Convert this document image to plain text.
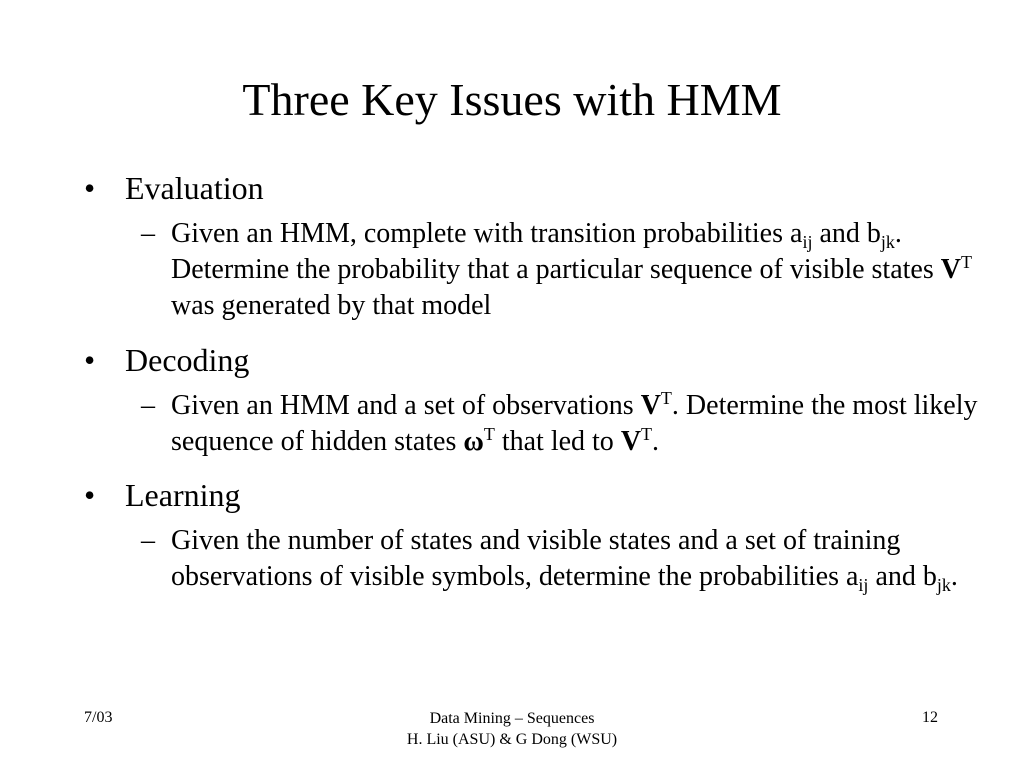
Three Key Issues with HMM
• Evaluation
– Given an HMM, complete with transition probabilities $a_{ij}$ and $b_{jk}$. Determine the probability that a particular sequence of visible states $V^T$ was generated by that model
• Decoding
– Given an HMM and a set of observations $V^T$. Determine the most likely sequence of hidden states $\omega^T$ that led to $V^T$.
• Learning
– Given the number of states and visible states and a set of training observations of visible symbols, determine the probabilities $a_{ij}$ and $b_{jk}$.
7/03	Data Mining – Sequences
H. Liu (ASU) & G Dong (WSU)
12
